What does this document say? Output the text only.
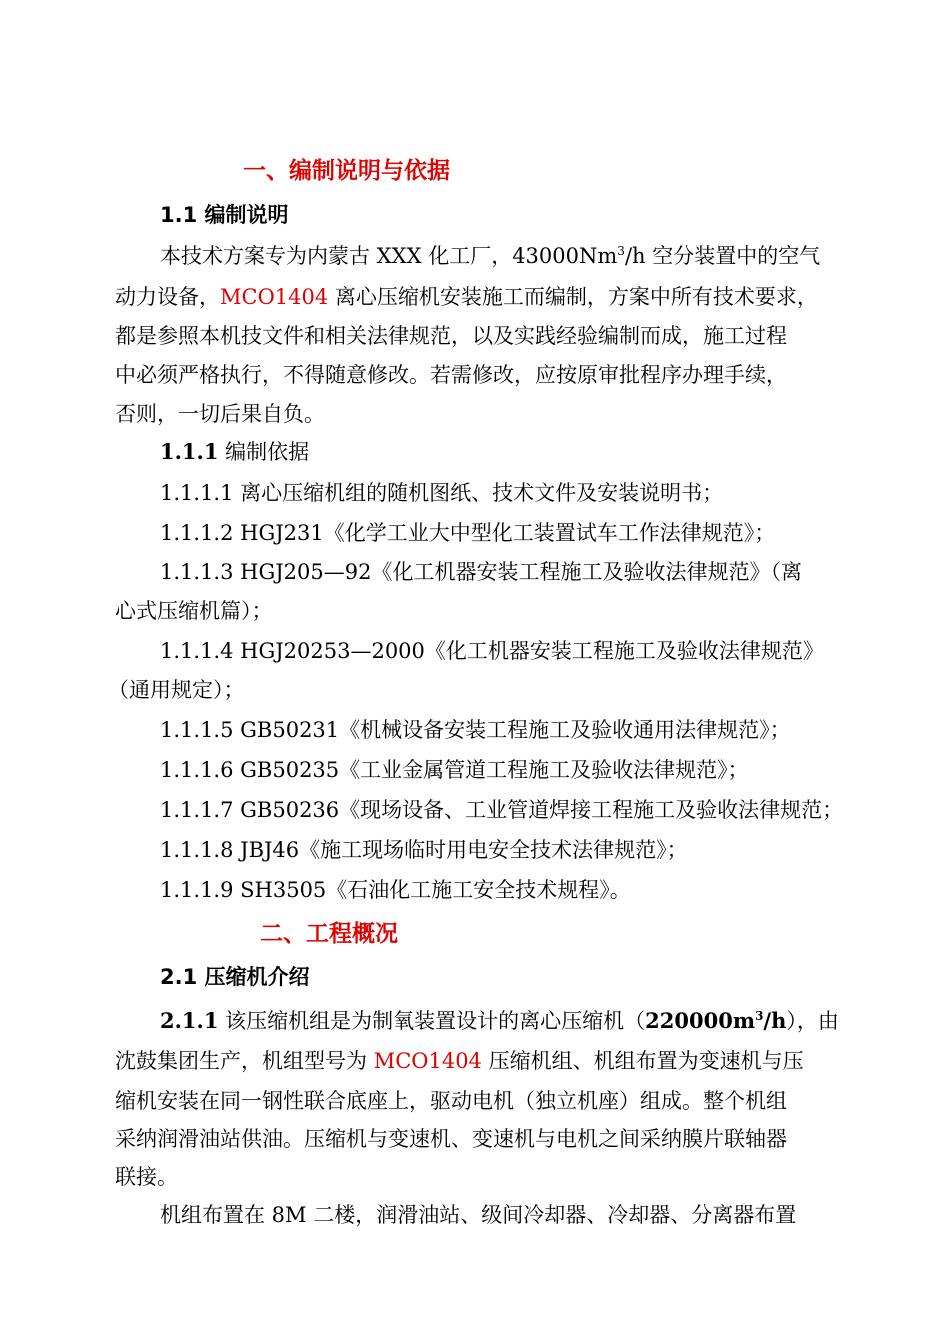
一、编制说明与依据
1.1 编制说明
本技术方案专为内蒙古 XXX 化工厂，43000Nm$^3$/h 空分装置中的空气
动力设备，MCO1404 离心压缩机安装施工而编制，方案中所有技术要求，
都是参照本机技文件和相关法律规范，以及实践经验编制而成，施工过程
中必须严格执行，不得随意修改。若需修改，应按原审批程序办理手续，
否则，一切后果自负。
1.1.1 编制依据
1.1.1.1 离心压缩机组的随机图纸、技术文件及安装说明书；
1.1.1.2 HGJ231《化学工业大中型化工装置试车工作法律规范》；
1.1.1.3 HGJ205—92《化工机器安装工程施工及验收法律规范》（离
心式压缩机篇）；
1.1.1.4 HGJ20253—2000《化工机器安装工程施工及验收法律规范》
（通用规定）；
1.1.1.5 GB50231《机械设备安装工程施工及验收通用法律规范》；
1.1.1.6 GB50235《工业金属管道工程施工及验收法律规范》；
1.1.1.7 GB50236《现场设备、工业管道焊接工程施工及验收法律规范；
1.1.1.8 JBJ46《施工现场临时用电安全技术法律规范》；
1.1.1.9 SH3505《石油化工施工安全技术规程》。
二、工程概况
2.1 压缩机介绍
2.1.1 该压缩机组是为制氧装置设计的离心压缩机$(220000m^3/h)$，由
沈鼓集团生产，机组型号为 MCO1404 压缩机组、机组布置为变速机与压
缩机安装在同一钢性联合底座上，驱动电机（独立机座）组成。整个机组
采纳润滑油站供油。压缩机与变速机、变速机与电机之间采纳膜片联轴器
联接。
机组布置在 8M 二楼，润滑油站、级间冷却器、冷却器、分离器布置
